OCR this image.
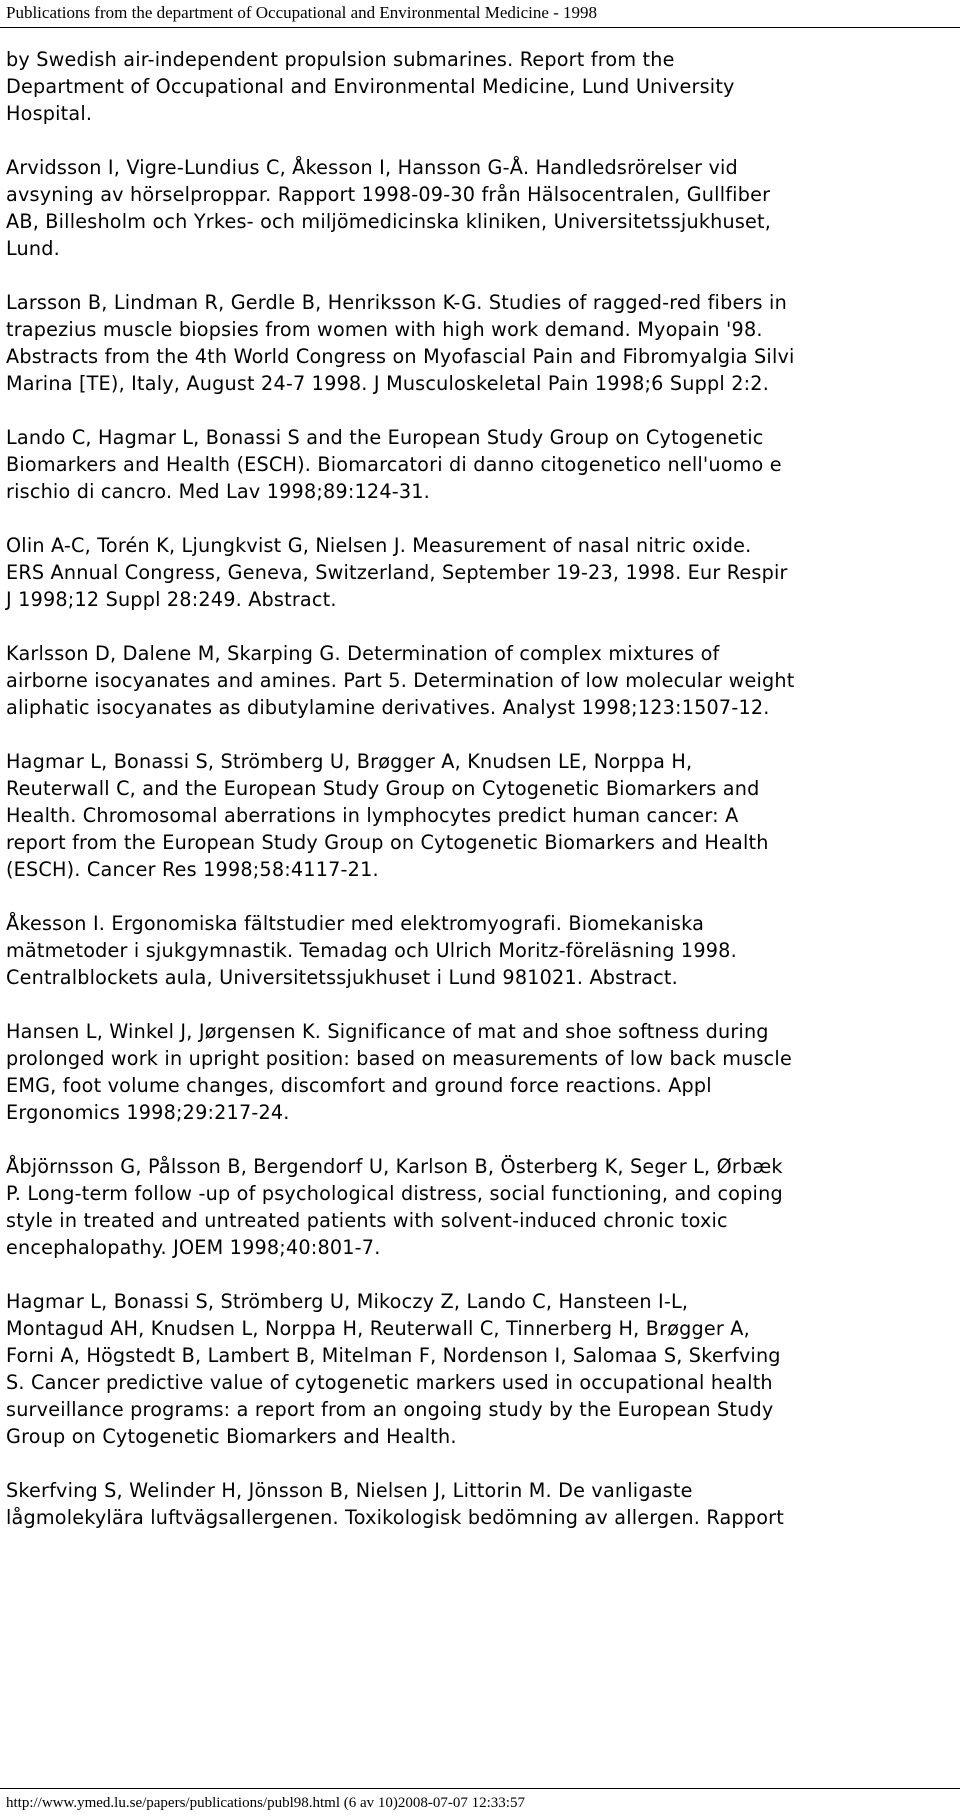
Publications from the department of Occupational and Environmental Medicine - 1998
by Swedish air-independent propulsion submarines. Report from the
Department of Occupational and Environmental Medicine, Lund University
Hospital.
Arvidsson I, Vigre-Lundius C, Åkesson I, Hansson G-Å. Handledsrörelser vid
avsyning av hörselproppar. Rapport 1998-09-30 från Hälsocentralen, Gullfiber
AB, Billesholm och Yrkes- och miljömedicinska kliniken, Universitetssjukhuset,
Lund.
Larsson B, Lindman R, Gerdle B, Henriksson K-G. Studies of ragged-red fibers in
trapezius muscle biopsies from women with high work demand. Myopain '98.
Abstracts from the 4th World Congress on Myofascial Pain and Fibromyalgia Silvi
Marina [TE), Italy, August 24-7 1998. J Musculoskeletal Pain 1998;6 Suppl 2:2.
Lando C, Hagmar L, Bonassi S and the European Study Group on Cytogenetic
Biomarkers and Health (ESCH). Biomarcatori di danno citogenetico nell'uomo e
rischio di cancro. Med Lav 1998;89:124-31.
Olin A-C, Torén K, Ljungkvist G, Nielsen J. Measurement of nasal nitric oxide.
ERS Annual Congress, Geneva, Switzerland, September 19-23, 1998. Eur Respir
J 1998;12 Suppl 28:249. Abstract.
Karlsson D, Dalene M, Skarping G. Determination of complex mixtures of
airborne isocyanates and amines. Part 5. Determination of low molecular weight
aliphatic isocyanates as dibutylamine derivatives. Analyst 1998;123:1507-12.
Hagmar L, Bonassi S, Strömberg U, Brøgger A, Knudsen LE, Norppa H,
Reuterwall C, and the European Study Group on Cytogenetic Biomarkers and
Health. Chromosomal aberrations in lymphocytes predict human cancer: A
report from the European Study Group on Cytogenetic Biomarkers and Health
(ESCH). Cancer Res 1998;58:4117-21.
Åkesson I. Ergonomiska fältstudier med elektromyografi. Biomekaniska
mätmetoder i sjukgymnastik. Temadag och Ulrich Moritz-föreläsning 1998.
Centralblockets aula, Universitetssjukhuset i Lund 981021. Abstract.
Hansen L, Winkel J, Jørgensen K. Significance of mat and shoe softness during
prolonged work in upright position: based on measurements of low back muscle
EMG, foot volume changes, discomfort and ground force reactions. Appl
Ergonomics 1998;29:217-24.
Åbjörnsson G, Pålsson B, Bergendorf U, Karlson B, Österberg K, Seger L, Ørbæk
P. Long-term follow -up of psychological distress, social functioning, and coping
style in treated and untreated patients with solvent-induced chronic toxic
encephalopathy. JOEM 1998;40:801-7.
Hagmar L, Bonassi S, Strömberg U, Mikoczy Z, Lando C, Hansteen I-L,
Montagud AH, Knudsen L, Norppa H, Reuterwall C, Tinnerberg H, Brøgger A,
Forni A, Högstedt B, Lambert B, Mitelman F, Nordenson I, Salomaa S, Skerfving
S. Cancer predictive value of cytogenetic markers used in occupational health
surveillance programs: a report from an ongoing study by the European Study
Group on Cytogenetic Biomarkers and Health.
Skerfving S, Welinder H, Jönsson B, Nielsen J, Littorin M. De vanligaste
lågmolekylära luftvägsallergenen. Toxikologisk bedömning av allergen. Rapport
http://www.ymed.lu.se/papers/publications/publ98.html (6 av 10)2008-07-07 12:33:57
